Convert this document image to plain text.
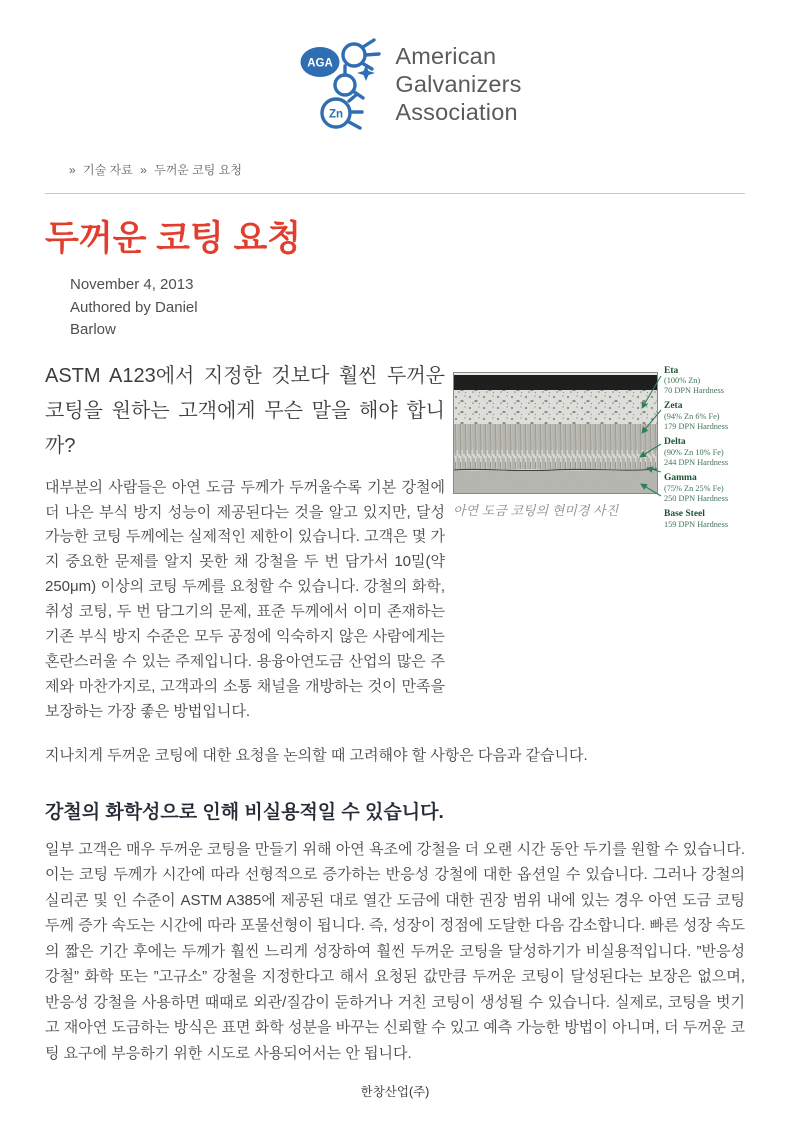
AGA
Zn
American
Galvanizers
Association
» 기술 자료 » 두꺼운 코팅 요청
두꺼운 코팅 요청
November 4, 2013
Authored by Daniel
Barlow
ASTM A123에서 지정한 것보다 훨씬 두꺼운 코팅을 원하는 고객에게 무슨 말을 해야 합니까?

대부분의 사람들은 아연 도금 두께가 두꺼울수록 기본 강철에 더 나은 부식 방지 성능이 제공된다는 것을 알고 있지만, 달성 가능한 코팅 두께에는 실제적인 제한이 있습니다. 고객은 몇 가지 중요한 문제를 알지 못한 채 강철을 두 번 담가서 10밀(약 250μm) 이상의 코팅 두께를 요청할 수 있습니다. 강철의 화학, 취성 코팅, 두 번 담그기의 문제, 표준 두께에서 이미 존재하는 기존 부식 방지 수준은 모두 공정에 익숙하지 않은 사람에게는 혼란스러울 수 있는 주제입니다. 용융아연도금 산업의 많은 주제와 마찬가지로, 고객과의 소통 채널을 개방하는 것이 만족을 보장하는 가장 좋은 방법입니다.

Eta
(100% Zn)
70 DPN Hardness
Zeta
(94% Zn 6% Fe)
179 DPN Hardness
Delta
(90% Zn 10% Fe)
244 DPN Hardness
Gamma
(75% Zn 25% Fe)
250 DPN Hardness
Base Steel
159 DPN Hardness
아연 도금 코팅의 현미경 사진

지나치게 두꺼운 코팅에 대한 요청을 논의할 때 고려해야 할 사항은 다음과 같습니다.

강철의 화학성으로 인해 비실용적일 수 있습니다.

일부 고객은 매우 두꺼운 코팅을 만들기 위해 아연 욕조에 강철을 더 오랜 시간 동안 두기를 원할 수 있습니다. 이는 코팅 두께가 시간에 따라 선형적으로 증가하는 반응성 강철에 대한 옵션일 수 있습니다. 그러나 강철의 실리콘 및 인 수준이 ASTM A385에 제공된 대로 열간 도금에 대한 권장 범위 내에 있는 경우 아연 도금 코팅 두께 증가 속도는 시간에 따라 포물선형이 됩니다. 즉, 성장이 정점에 도달한 다음 감소합니다. 빠른 성장 속도의 짧은 기간 후에는 두께가 훨씬 느리게 성장하여 훨씬 두꺼운 코팅을 달성하기가 비실용적입니다. ”반응성 강철” 화학 또는 ”고규소” 강철을 지정한다고 해서 요청된 값만큼 두꺼운 코팅이 달성된다는 보장은 없으며, 반응성 강철을 사용하면 때때로 외관/질감이 둔하거나 거친 코팅이 생성될 수 있습니다. 실제로, 코팅을 벗기고 재아연 도금하는 방식은 표면 화학 성분을 바꾸는 신뢰할 수 있고 예측 가능한 방법이 아니며, 더 두꺼운 코팅 요구에 부응하기 위한 시도로 사용되어서는 안 됩니다.

한창산업(주)
